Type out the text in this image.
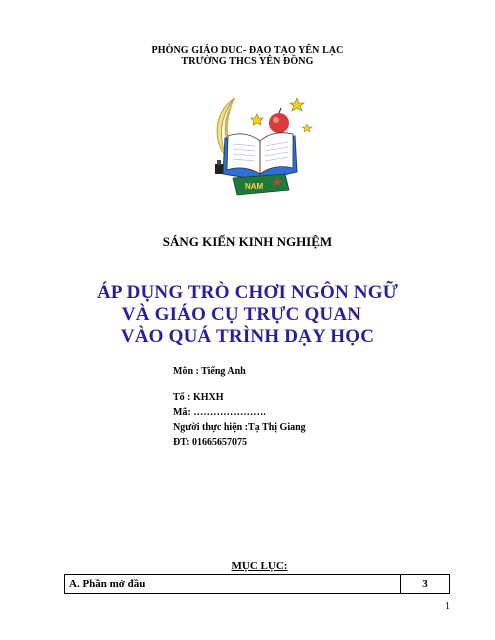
PHÒNG GIÁO DUC- ĐẠO TẠO YÊN LẠC
TRƯỜNG THCS YÊN ĐỒNG
NAM
SÁNG KIẾN KINH NGHIỆM
ÁP DỤNG TRÒ CHƠI NGÔN NGỮ
VÀ GIÁO CỤ TRỰC QUAN
VÀO QUÁ TRÌNH DẠY HỌC
Môn : Tiếng Anh
Tổ : KHXH
Mã: ………………….
Người thực hiện :Tạ Thị Giang
ĐT: 01665657075
MỤC LỤC:
A. Phần mở đầu	3
1
